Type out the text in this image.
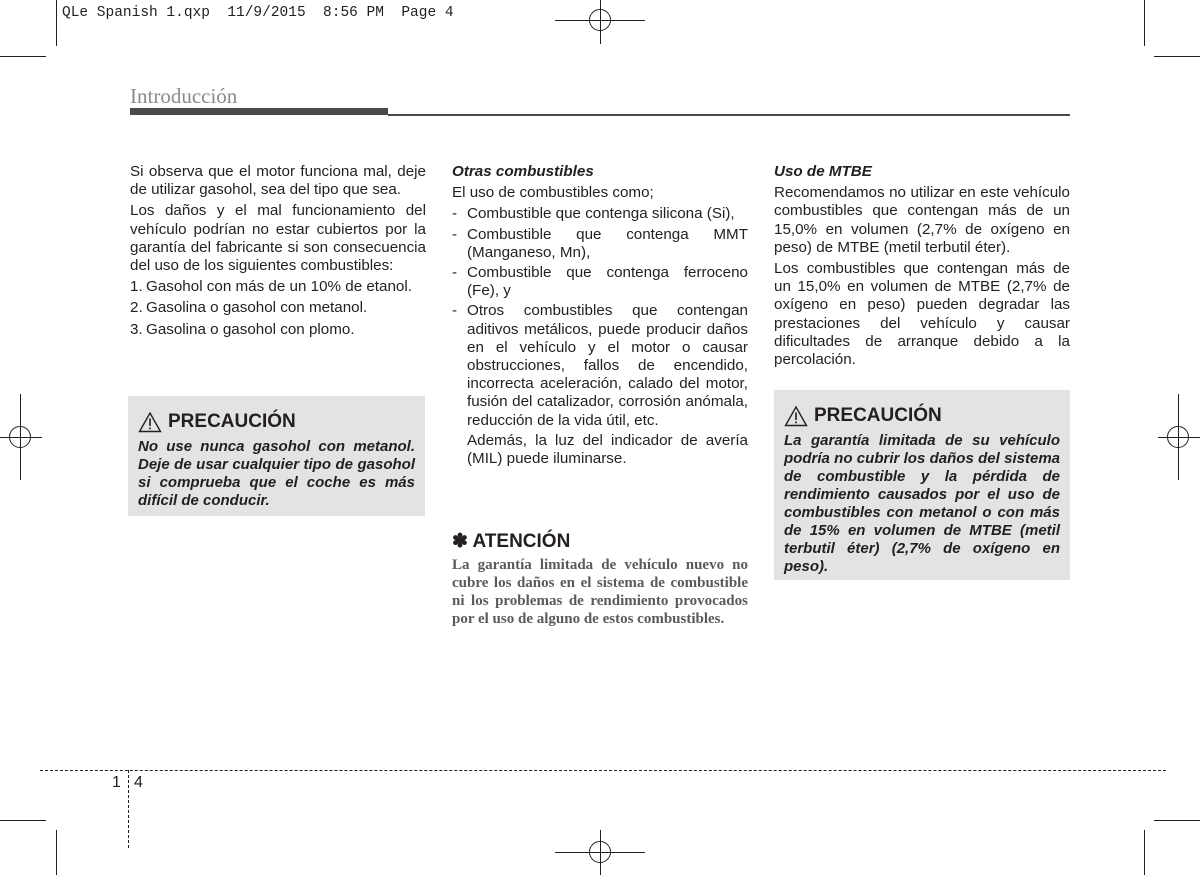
QLe Spanish 1.qxp  11/9/2015  8:56 PM  Page 4
Introducción

Si observa que el motor funciona mal, deje de utilizar gasohol, sea del tipo que sea.

Los daños y el mal funcionamiento del vehículo podrían no estar cubiertos por la garantía del fabricante si son consecuencia del uso de los siguientes combustibles:

1. Gasohol con más de un 10% de etanol.
2. Gasolina o gasohol con metanol.
3. Gasolina o gasohol con plomo.
PRECAUCIÓN
No use nunca gasohol con metanol. Deje de usar cualquier tipo de gasohol si comprueba que el coche es más difícil de conducir.

Otras combustibles

El uso de combustibles como;

- Combustible que contenga silicona (Si),
- Combustible que contenga MMT (Manganeso, Mn),
- Combustible que contenga ferroceno (Fe), y
- Otros combustibles que contengan aditivos metálicos, puede producir daños en el vehículo y el motor o causar obstrucciones, fallos de encendido, incorrecta aceleración, calado del motor, fusión del catalizador, corrosión anómala, reducción de la vida útil, etc.

Además, la luz del indicador de avería (MIL) puede iluminarse.

✽ ATENCIÓN
La garantía limitada de vehículo nuevo no cubre los daños en el sistema de combustible ni los problemas de rendimiento provocados por el uso de alguno de estos combustibles.

Uso de MTBE

Recomendamos no utilizar en este vehículo combustibles que contengan más de un 15,0% en volumen (2,7% de oxígeno en peso) de MTBE (metil terbutil éter).

Los combustibles que contengan más de un 15,0% en volumen de MTBE (2,7% de oxígeno en peso) pueden degradar las prestaciones del vehículo y causar dificultades de arranque debido a la percolación.

PRECAUCIÓN
La garantía limitada de su vehículo podría no cubrir los daños del sistema de combustible y la pérdida de rendimiento causados por el uso de combustibles con metanol o con más de 15% en volumen de MTBE (metil terbutil éter) (2,7% de oxígeno en peso).
1 4
